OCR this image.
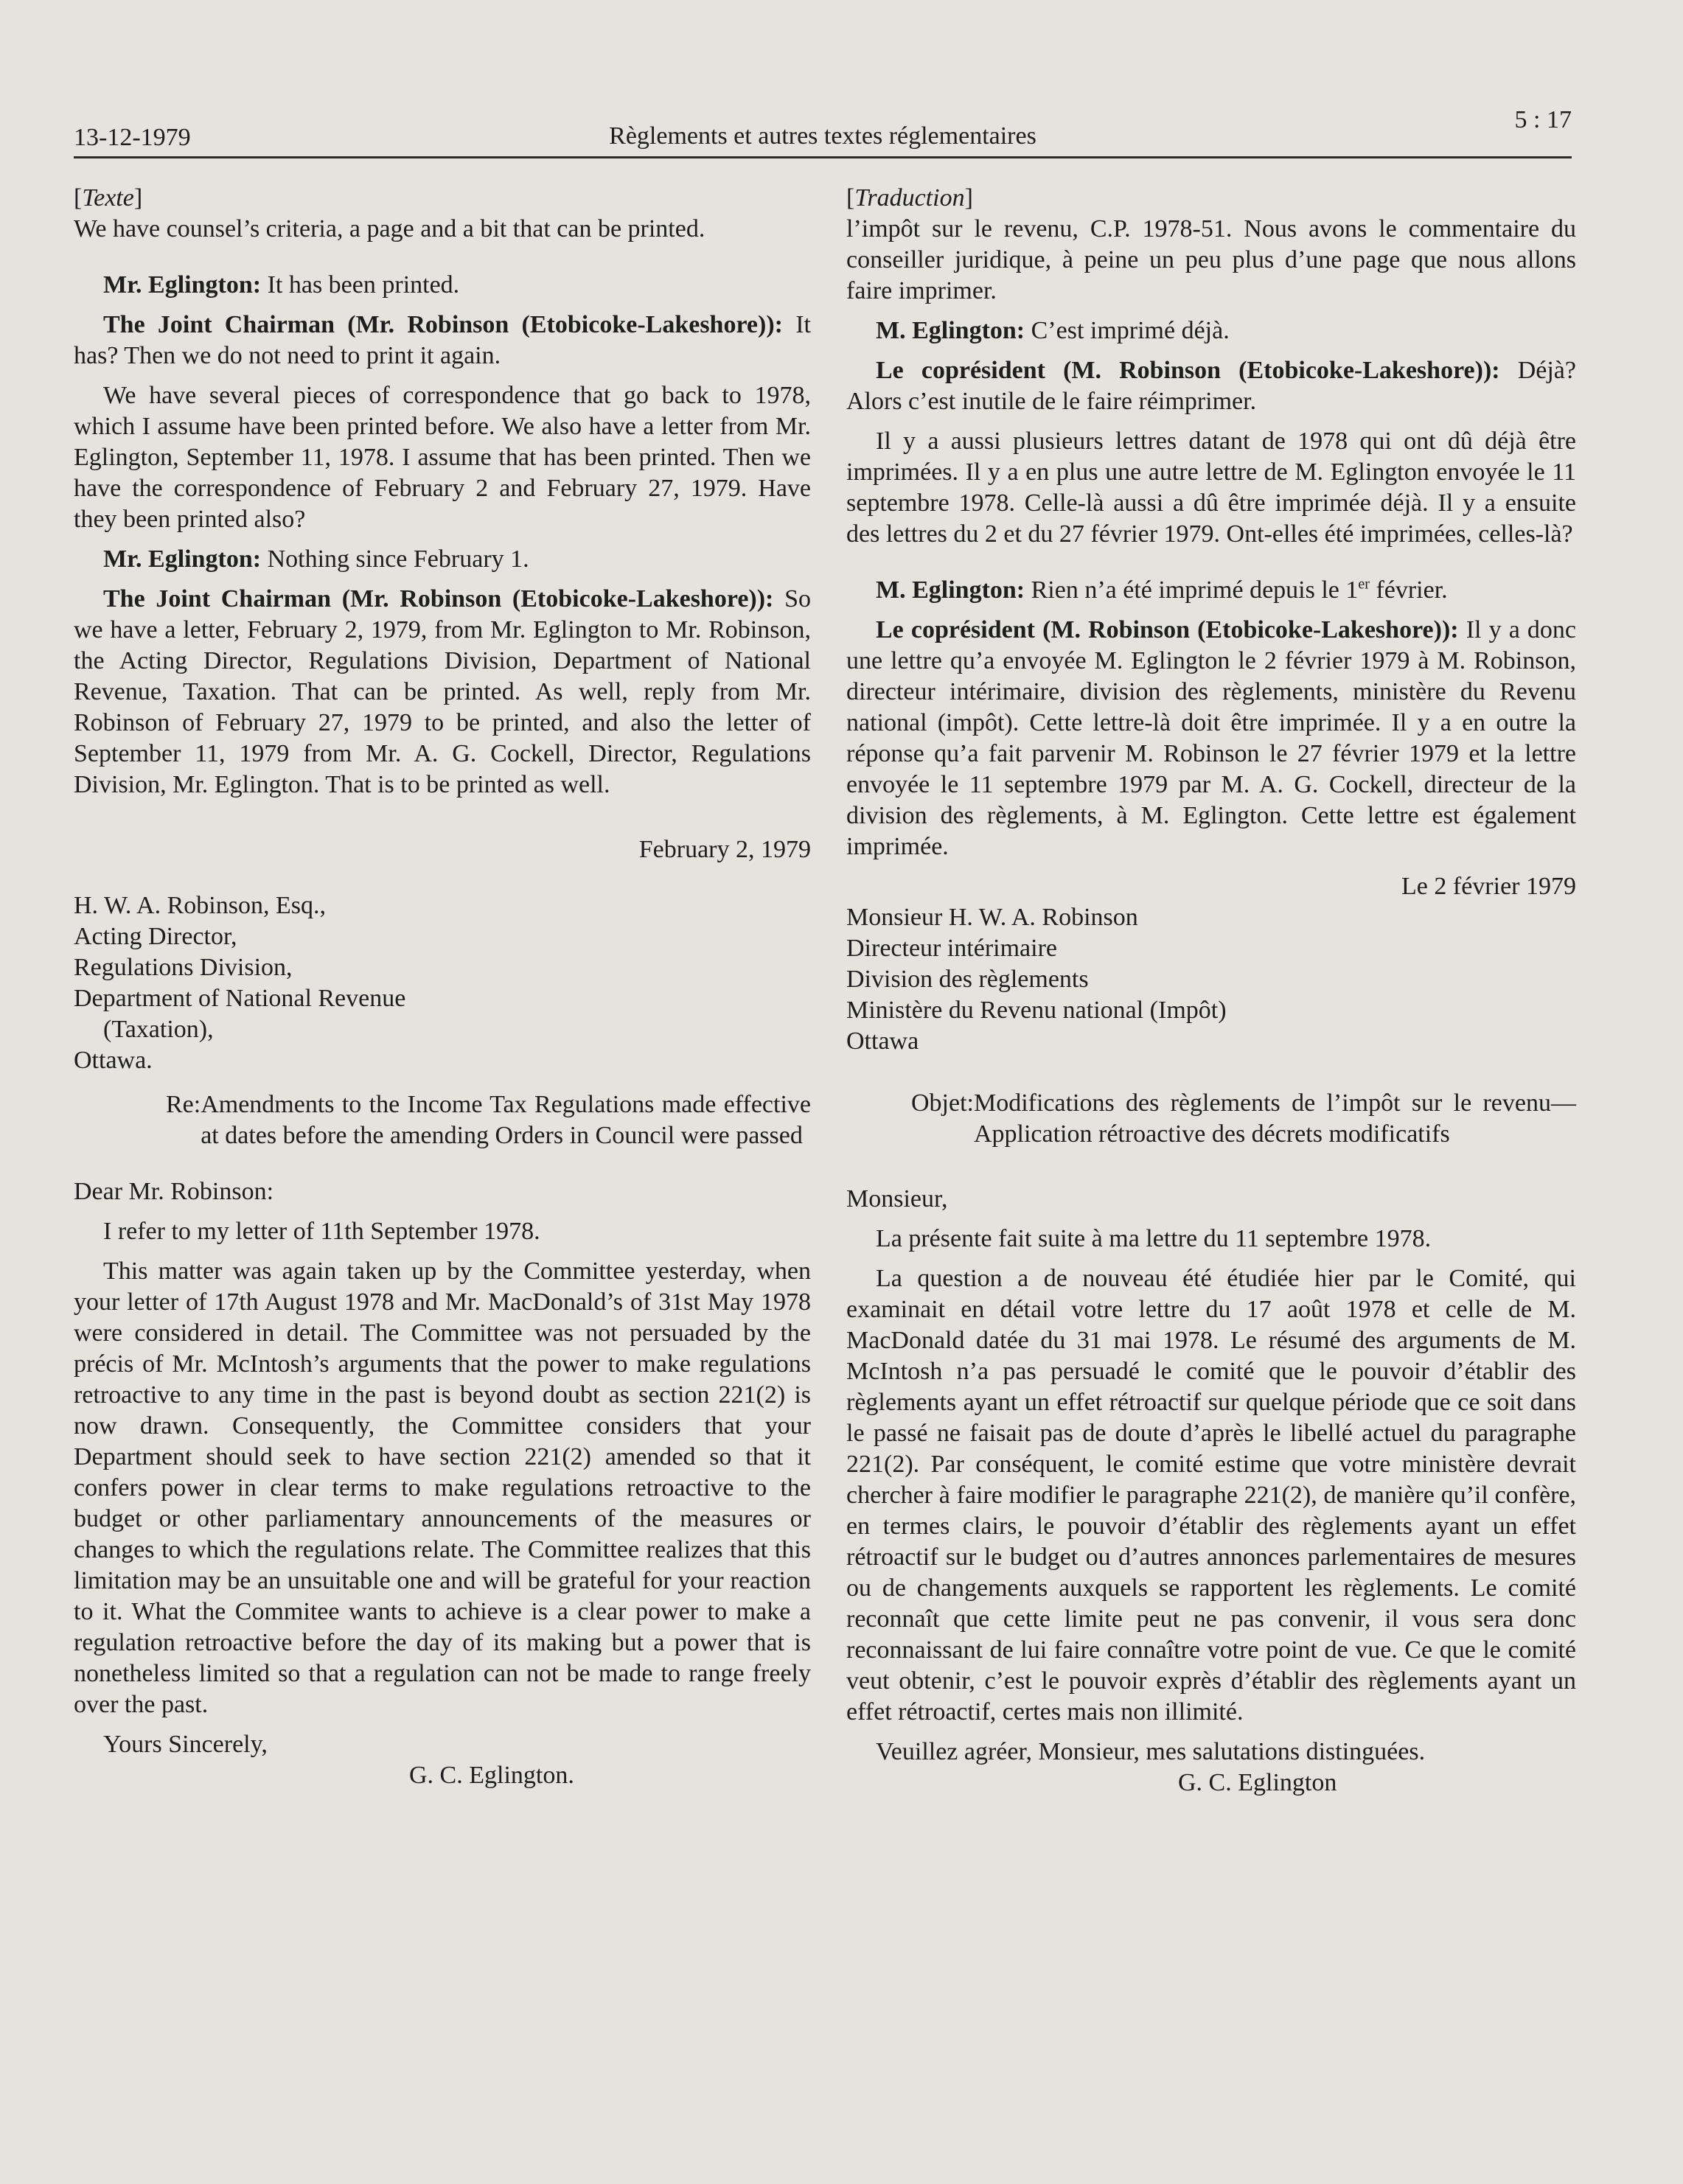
13-12-1979	Règlements et autres textes réglementaires
5 : 17

[Texte]

We have counsel’s criteria, a page and a bit that can be printed.

Mr. Eglington: It has been printed.

The Joint Chairman (Mr. Robinson (Etobicoke-Lakeshore)): It has? Then we do not need to print it again.

We have several pieces of correspondence that go back to 1978, which I assume have been printed before. We also have a letter from Mr. Eglington, September 11, 1978. I assume that has been printed. Then we have the correspondence of February 2 and February 27, 1979. Have they been printed also?

Mr. Eglington: Nothing since February 1.

The Joint Chairman (Mr. Robinson (Etobicoke-Lakeshore)): So we have a letter, February 2, 1979, from Mr. Eglington to Mr. Robinson, the Acting Director, Regulations Division, Department of National Revenue, Taxation. That can be printed. As well, reply from Mr. Robinson of February 27, 1979 to be printed, and also the letter of September 11, 1979 from Mr. A. G. Cockell, Director, Regulations Division, Mr. Eglington. That is to be printed as well.

February 2, 1979

H. W. A. Robinson, Esq.,

Acting Director,

Regulations Division,

Department of National Revenue

(Taxation),

Ottawa.

Re: Amendments to the Income Tax Regulations made effective at dates before the amending Orders in Council were passed

Dear Mr. Robinson:

I refer to my letter of 11th September 1978.

This matter was again taken up by the Committee yesterday, when your letter of 17th August 1978 and Mr. MacDonald’s of 31st May 1978 were considered in detail. The Committee was not persuaded by the précis of Mr. McIntosh’s arguments that the power to make regulations retroactive to any time in the past is beyond doubt as section 221(2) is now drawn. Consequently, the Committee considers that your Department should seek to have section 221(2) amended so that it confers power in clear terms to make regulations retroactive to the budget or other parliamentary announcements of the measures or changes to which the regulations relate. The Committee realizes that this limitation may be an unsuitable one and will be grateful for your reaction to it. What the Commitee wants to achieve is a clear power to make a regulation retroactive before the day of its making but a power that is nonetheless limited so that a regulation can not be made to range freely over the past.

Yours Sincerely,

G. C. Eglington.

[Traduction]

l’impôt sur le revenu, C.P. 1978-51. Nous avons le commentaire du conseiller juridique, à peine un peu plus d’une page que nous allons faire imprimer.

M. Eglington: C’est imprimé déjà.

Le coprésident (M. Robinson (Etobicoke-Lakeshore)): Déjà? Alors c’est inutile de le faire réimprimer.

Il y a aussi plusieurs lettres datant de 1978 qui ont dû déjà être imprimées. Il y a en plus une autre lettre de M. Eglington envoyée le 11 septembre 1978. Celle-là aussi a dû être imprimée déjà. Il y a ensuite des lettres du 2 et du 27 février 1979. Ont-elles été imprimées, celles-là?

M. Eglington: Rien n’a été imprimé depuis le 1er février.

Le coprésident (M. Robinson (Etobicoke-Lakeshore)): Il y a donc une lettre qu’a envoyée M. Eglington le 2 février 1979 à M. Robinson, directeur intérimaire, division des règlements, ministère du Revenu national (impôt). Cette lettre-là doit être imprimée. Il y a en outre la réponse qu’a fait parvenir M. Robinson le 27 février 1979 et la lettre envoyée le 11 septembre 1979 par M. A. G. Cockell, directeur de la division des règlements, à M. Eglington. Cette lettre est également imprimée.

Le 2 février 1979

Monsieur H. W. A. Robinson

Directeur intérimaire

Division des règlements

Ministère du Revenu national (Impôt)

Ottawa

Objet: Modifications des règlements de l’impôt sur le revenu—Application rétroactive des décrets modificatifs

Monsieur,

La présente fait suite à ma lettre du 11 septembre 1978.

La question a de nouveau été étudiée hier par le Comité, qui examinait en détail votre lettre du 17 août 1978 et celle de M. MacDonald datée du 31 mai 1978. Le résumé des arguments de M. McIntosh n’a pas persuadé le comité que le pouvoir d’établir des règlements ayant un effet rétroactif sur quelque période que ce soit dans le passé ne faisait pas de doute d’après le libellé actuel du paragraphe 221(2). Par conséquent, le comité estime que votre ministère devrait chercher à faire modifier le paragraphe 221(2), de manière qu’il confère, en termes clairs, le pouvoir d’établir des règlements ayant un effet rétroactif sur le budget ou d’autres annonces parlementaires de mesures ou de changements auxquels se rapportent les règlements. Le comité reconnaît que cette limite peut ne pas convenir, il vous sera donc reconnaissant de lui faire connaître votre point de vue. Ce que le comité veut obtenir, c’est le pouvoir exprès d’établir des règlements ayant un effet rétroactif, certes mais non illimité.

Veuillez agréer, Monsieur, mes salutations distinguées.

G. C. Eglington
